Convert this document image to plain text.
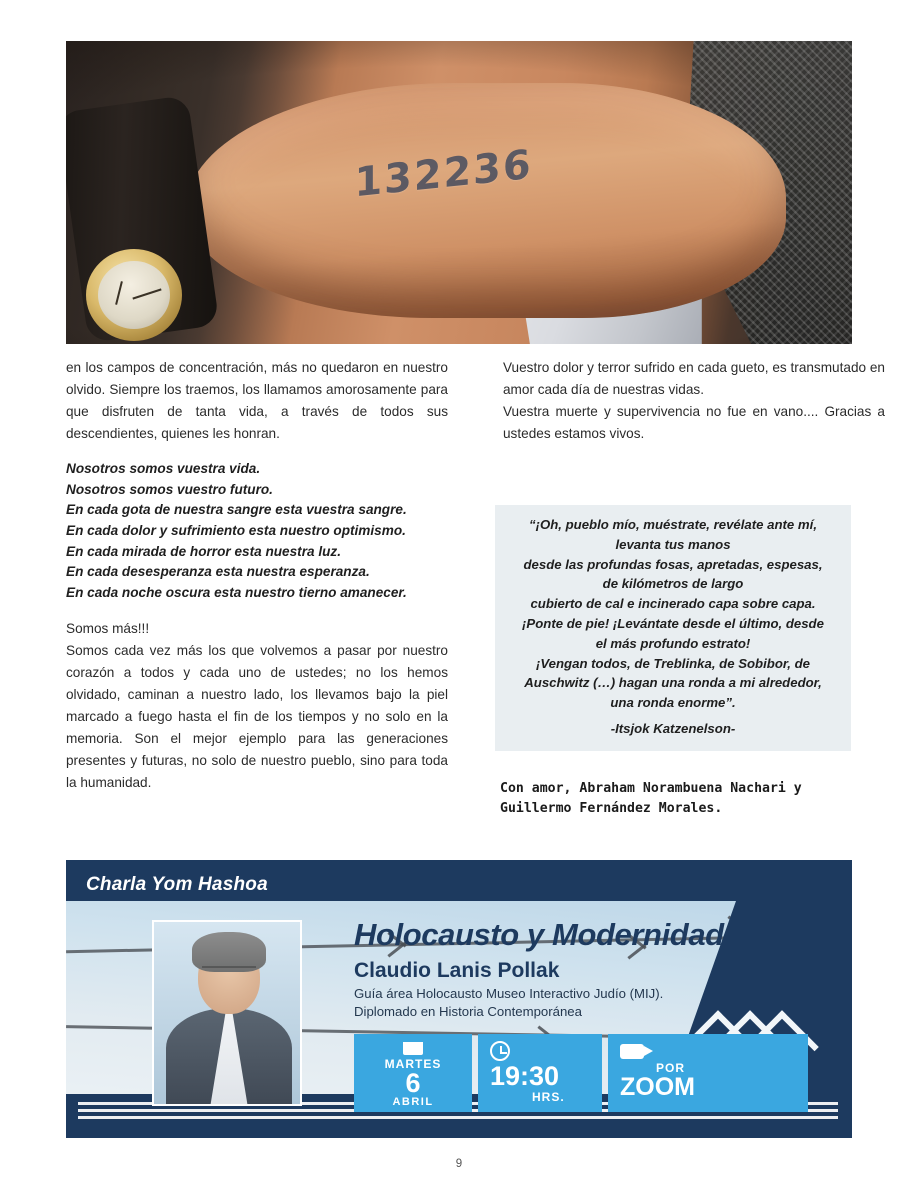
132236

en los campos de concentración, más no quedaron en nuestro olvido. Siempre los traemos, los llamamos amorosamente para que disfruten de tanta vida, a través de todos sus descendientes, quienes les honran.

Nosotros somos vuestra vida.
Nosotros somos vuestro futuro.
En cada gota de nuestra sangre esta vuestra sangre.
En cada dolor y sufrimiento esta nuestro optimismo.
En cada mirada de horror esta nuestra luz.
En cada desesperanza esta nuestra esperanza.
En cada noche oscura esta nuestro tierno amanecer.

Somos más!!!

Somos cada vez más los que volvemos a pasar por nuestro corazón a todos y cada uno de ustedes; no los hemos olvidado, caminan a nuestro lado, los llevamos bajo la piel marcado a fuego hasta el fin de los tiempos y no solo en la memoria. Son el mejor ejemplo para las generaciones presentes y futuras, no solo de nuestro pueblo, sino para toda la humanidad.

Vuestro dolor y terror sufrido en cada gueto, es transmutado en amor cada día de nuestras vidas.

Vuestra muerte y supervivencia no fue en vano.... Gracias a ustedes estamos vivos.

“¡Oh, pueblo mío, muéstrate, revélate ante mí,
levanta tus manos
desde las profundas fosas, apretadas, espesas,
de kilómetros de largo
cubierto de cal e incinerado capa sobre capa.
¡Ponte de pie! ¡Levántate desde el último, desde
el más profundo estrato!
¡Vengan todos, de Treblinka, de Sobibor, de
Auschwitz (…) hagan una ronda a mi alrededor,
una ronda enorme”.
-Itsjok Katzenelson-
Con amor, Abraham Norambuena Nachari y
Guillermo Fernández Morales.
Charla Yom Hashoa
Holocausto y Modernidad
Claudio Lanis Pollak

Guía área Holocausto Museo Interactivo Judío (MIJ).

Diplomado en Historia Contemporánea

MARTES
6
ABRIL
19:30
HRS.
POR
ZOOM
9
